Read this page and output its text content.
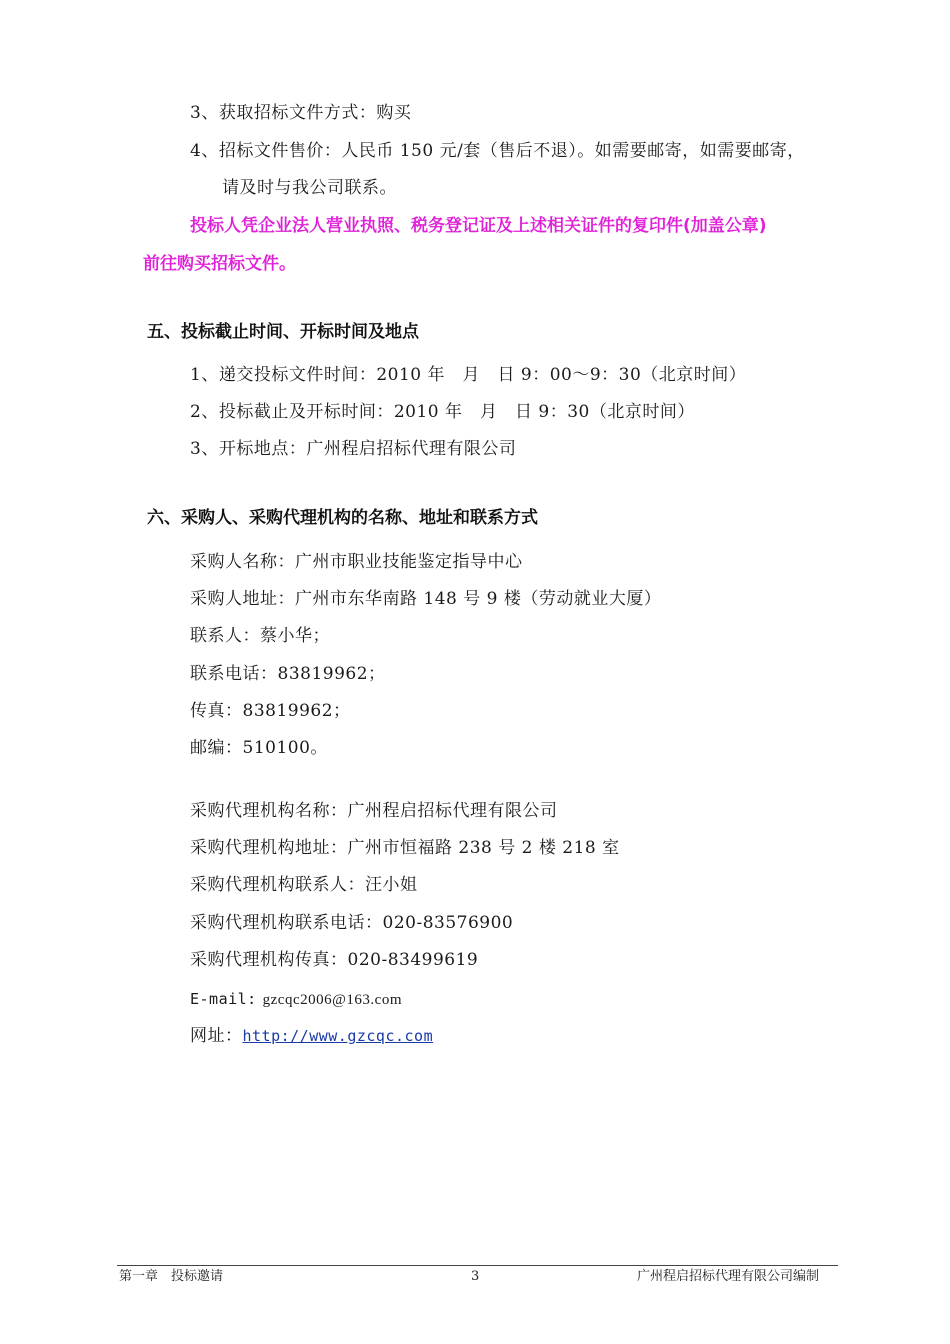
3、获取招标文件方式：购买
4、招标文件售价：人民币 150 元/套（售后不退）。如需要邮寄，如需要邮寄，
请及时与我公司联系。
投标人凭企业法人营业执照、税务登记证及上述相关证件的复印件(加盖公章)
前往购买招标文件。
五、投标截止时间、开标时间及地点
1、递交投标文件时间：2010 年　月　日 9：00～9：30（北京时间）
2、投标截止及开标时间：2010 年　月　日 9：30（北京时间）
3、开标地点：广州程启招标代理有限公司
六、采购人、采购代理机构的名称、地址和联系方式
采购人名称：广州市职业技能鉴定指导中心
采购人地址：广州市东华南路 148 号 9 楼（劳动就业大厦）
联系人：蔡小华；
联系电话：83819962；
传真：83819962；
邮编：510100。
采购代理机构名称：广州程启招标代理有限公司
采购代理机构地址：广州市恒福路 238 号 2 楼 218 室
采购代理机构联系人：汪小姐
采购代理机构联系电话：020-83576900
采购代理机构传真：020-83499619
E-mail: gzcqc2006@163.com
网址：http://www.gzcqc.com
第一章　投标邀请	3	广州程启招标代理有限公司编制
